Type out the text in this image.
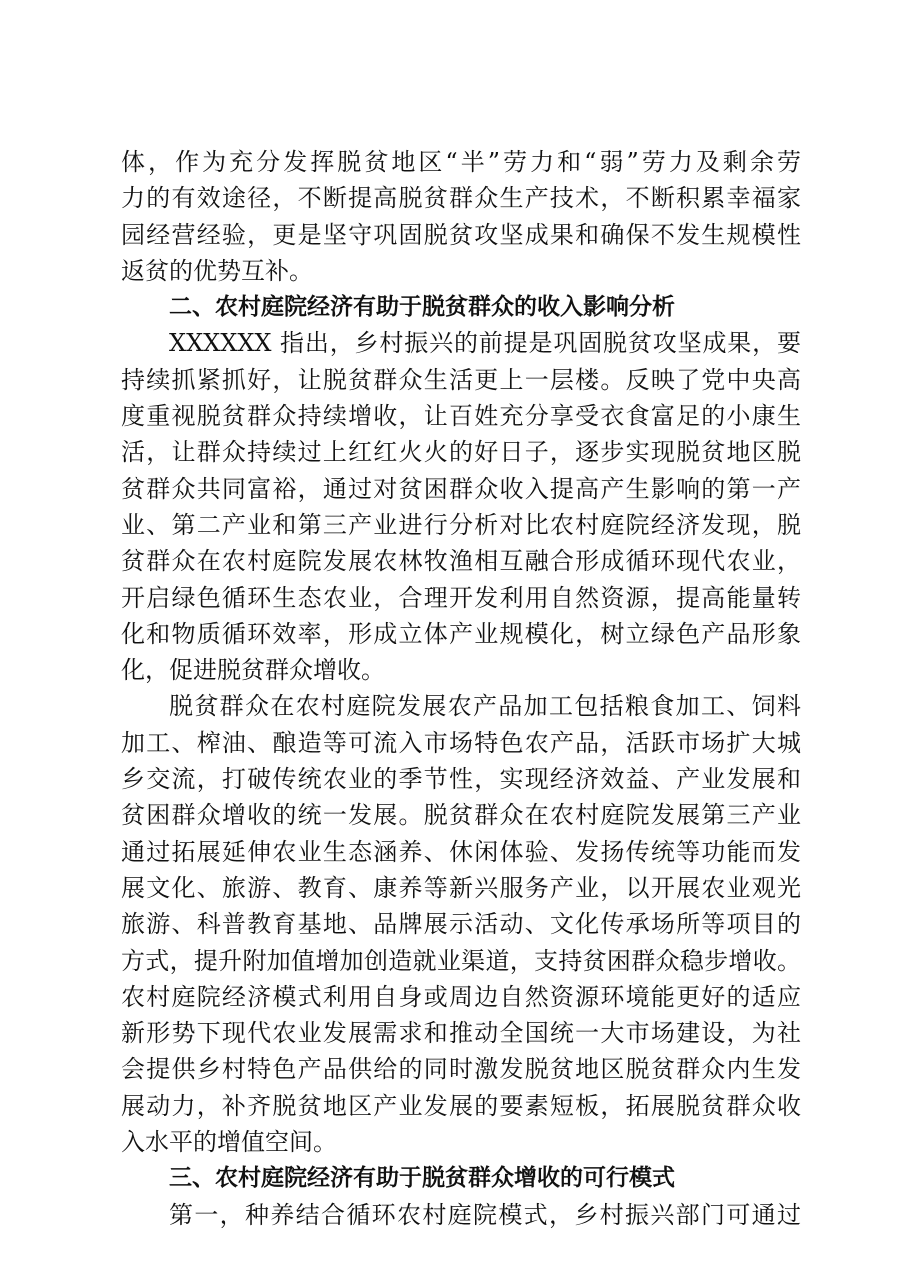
体，作为充分发挥脱贫地区“半”劳力和“弱”劳力及剩余劳
力的有效途径，不断提高脱贫群众生产技术，不断积累幸福家
园经营经验，更是坚守巩固脱贫攻坚成果和确保不发生规模性
返贫的优势互补。
二、农村庭院经济有助于脱贫群众的收入影响分析
XXXXXX 指出，乡村振兴的前提是巩固脱贫攻坚成果，要
持续抓紧抓好，让脱贫群众生活更上一层楼。反映了党中央高
度重视脱贫群众持续增收，让百姓充分享受衣食富足的小康生
活，让群众持续过上红红火火的好日子，逐步实现脱贫地区脱
贫群众共同富裕，通过对贫困群众收入提高产生影响的第一产
业、第二产业和第三产业进行分析对比农村庭院经济发现，脱
贫群众在农村庭院发展农林牧渔相互融合形成循环现代农业，
开启绿色循环生态农业，合理开发利用自然资源，提高能量转
化和物质循环效率，形成立体产业规模化，树立绿色产品形象
化，促进脱贫群众增收。
脱贫群众在农村庭院发展农产品加工包括粮食加工、饲料
加工、榨油、酿造等可流入市场特色农产品，活跃市场扩大城
乡交流，打破传统农业的季节性，实现经济效益、产业发展和
贫困群众增收的统一发展。脱贫群众在农村庭院发展第三产业
通过拓展延伸农业生态涵养、休闲体验、发扬传统等功能而发
展文化、旅游、教育、康养等新兴服务产业，以开展农业观光
旅游、科普教育基地、品牌展示活动、文化传承场所等项目的
方式，提升附加值增加创造就业渠道，支持贫困群众稳步增收。
农村庭院经济模式利用自身或周边自然资源环境能更好的适应
新形势下现代农业发展需求和推动全国统一大市场建设，为社
会提供乡村特色产品供给的同时激发脱贫地区脱贫群众内生发
展动力，补齐脱贫地区产业发展的要素短板，拓展脱贫群众收
入水平的增值空间。
三、农村庭院经济有助于脱贫群众增收的可行模式
第一，种养结合循环农村庭院模式，乡村振兴部门可通过
